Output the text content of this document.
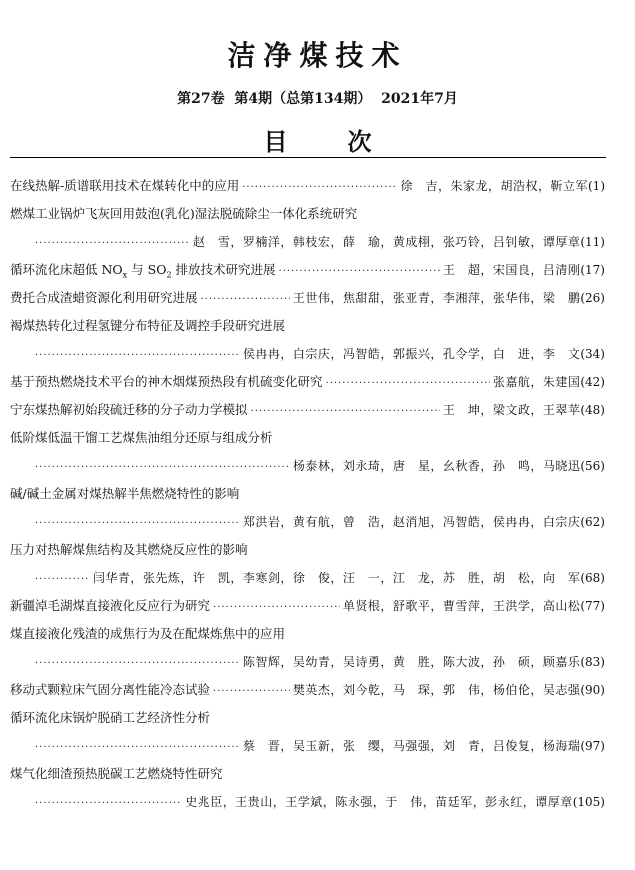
洁净煤技术
第27卷  第4期（总第134期）  2021年7月
目次
在线热解-质谱联用技术在煤转化中的应用 ·····	徐　吉，朱家龙，胡浩权，靳立军 (1)
燃煤工业锅炉飞灰回用鼓泡(乳化)湿法脱硫除尘一体化系统研究
·····
赵　雪，罗楠洋，韩枝宏，薛　瑜，黄成栩，张巧铃，吕钊敏，谭厚章 (11)
循环流化床超低 $NO_x$ 与 $SO_2$ 排放技术研究进展 ·····	王　超，宋国良，吕清刚 (17)
费托合成渣蜡资源化利用研究进展 ·····	王世伟，焦甜甜，张亚青，李湘萍，张华伟，梁　鹏 (26)
褐煤热转化过程氢键分布特征及调控手段研究进展
·····
侯冉冉，白宗庆，冯智皓，郭振兴，孔令学，白　进，李　文 (34)
基于预热燃烧技术平台的神木烟煤预热段有机硫变化研究 ·····	张嘉航，朱建国 (42)
宁东煤热解初始段硫迁移的分子动力学模拟 ·····	王　坤，梁文政，王翠苹 (48)
低阶煤低温干馏工艺煤焦油组分还原与组成分析
·····
杨泰林，刘永琦，唐　星，幺秋香，孙　鸣，马晓迅 (56)
碱/碱土金属对煤热解半焦燃烧特性的影响
·····
郑洪岩，黄有航，曾　浩，赵消旭，冯智皓，侯冉冉，白宗庆 (62)
压力对热解煤焦结构及其燃烧反应性的影响
·····
闫华青，张先炼，许　凯，李寒剑，徐　俊，汪　一，江　龙，苏　胜，胡　松，向　军 (68)
新疆淖毛湖煤直接液化反应行为研究 ·····	单贤根，舒歌平，曹雪萍，王洪学，高山松 (77)
煤直接液化残渣的成焦行为及在配煤炼焦中的应用
·····
陈智辉，吴幼青，吴诗勇，黄　胜，陈大波，孙　硕，顾嘉乐 (83)
移动式颗粒床气固分离性能冷态试验 ·····	樊英杰，刘今乾，马　琛，郭　伟，杨伯伦，吴志强 (90)
循环流化床锅炉脱硝工艺经济性分析
·····
蔡　晋，吴玉新，张　缨，马强强，刘　青，吕俊复，杨海瑞 (97)
煤气化细渣预热脱碳工艺燃烧特性研究
·····
史兆臣，王贵山，王学斌，陈永强，于　伟，苗廷军，彭永红，谭厚章 (105)
